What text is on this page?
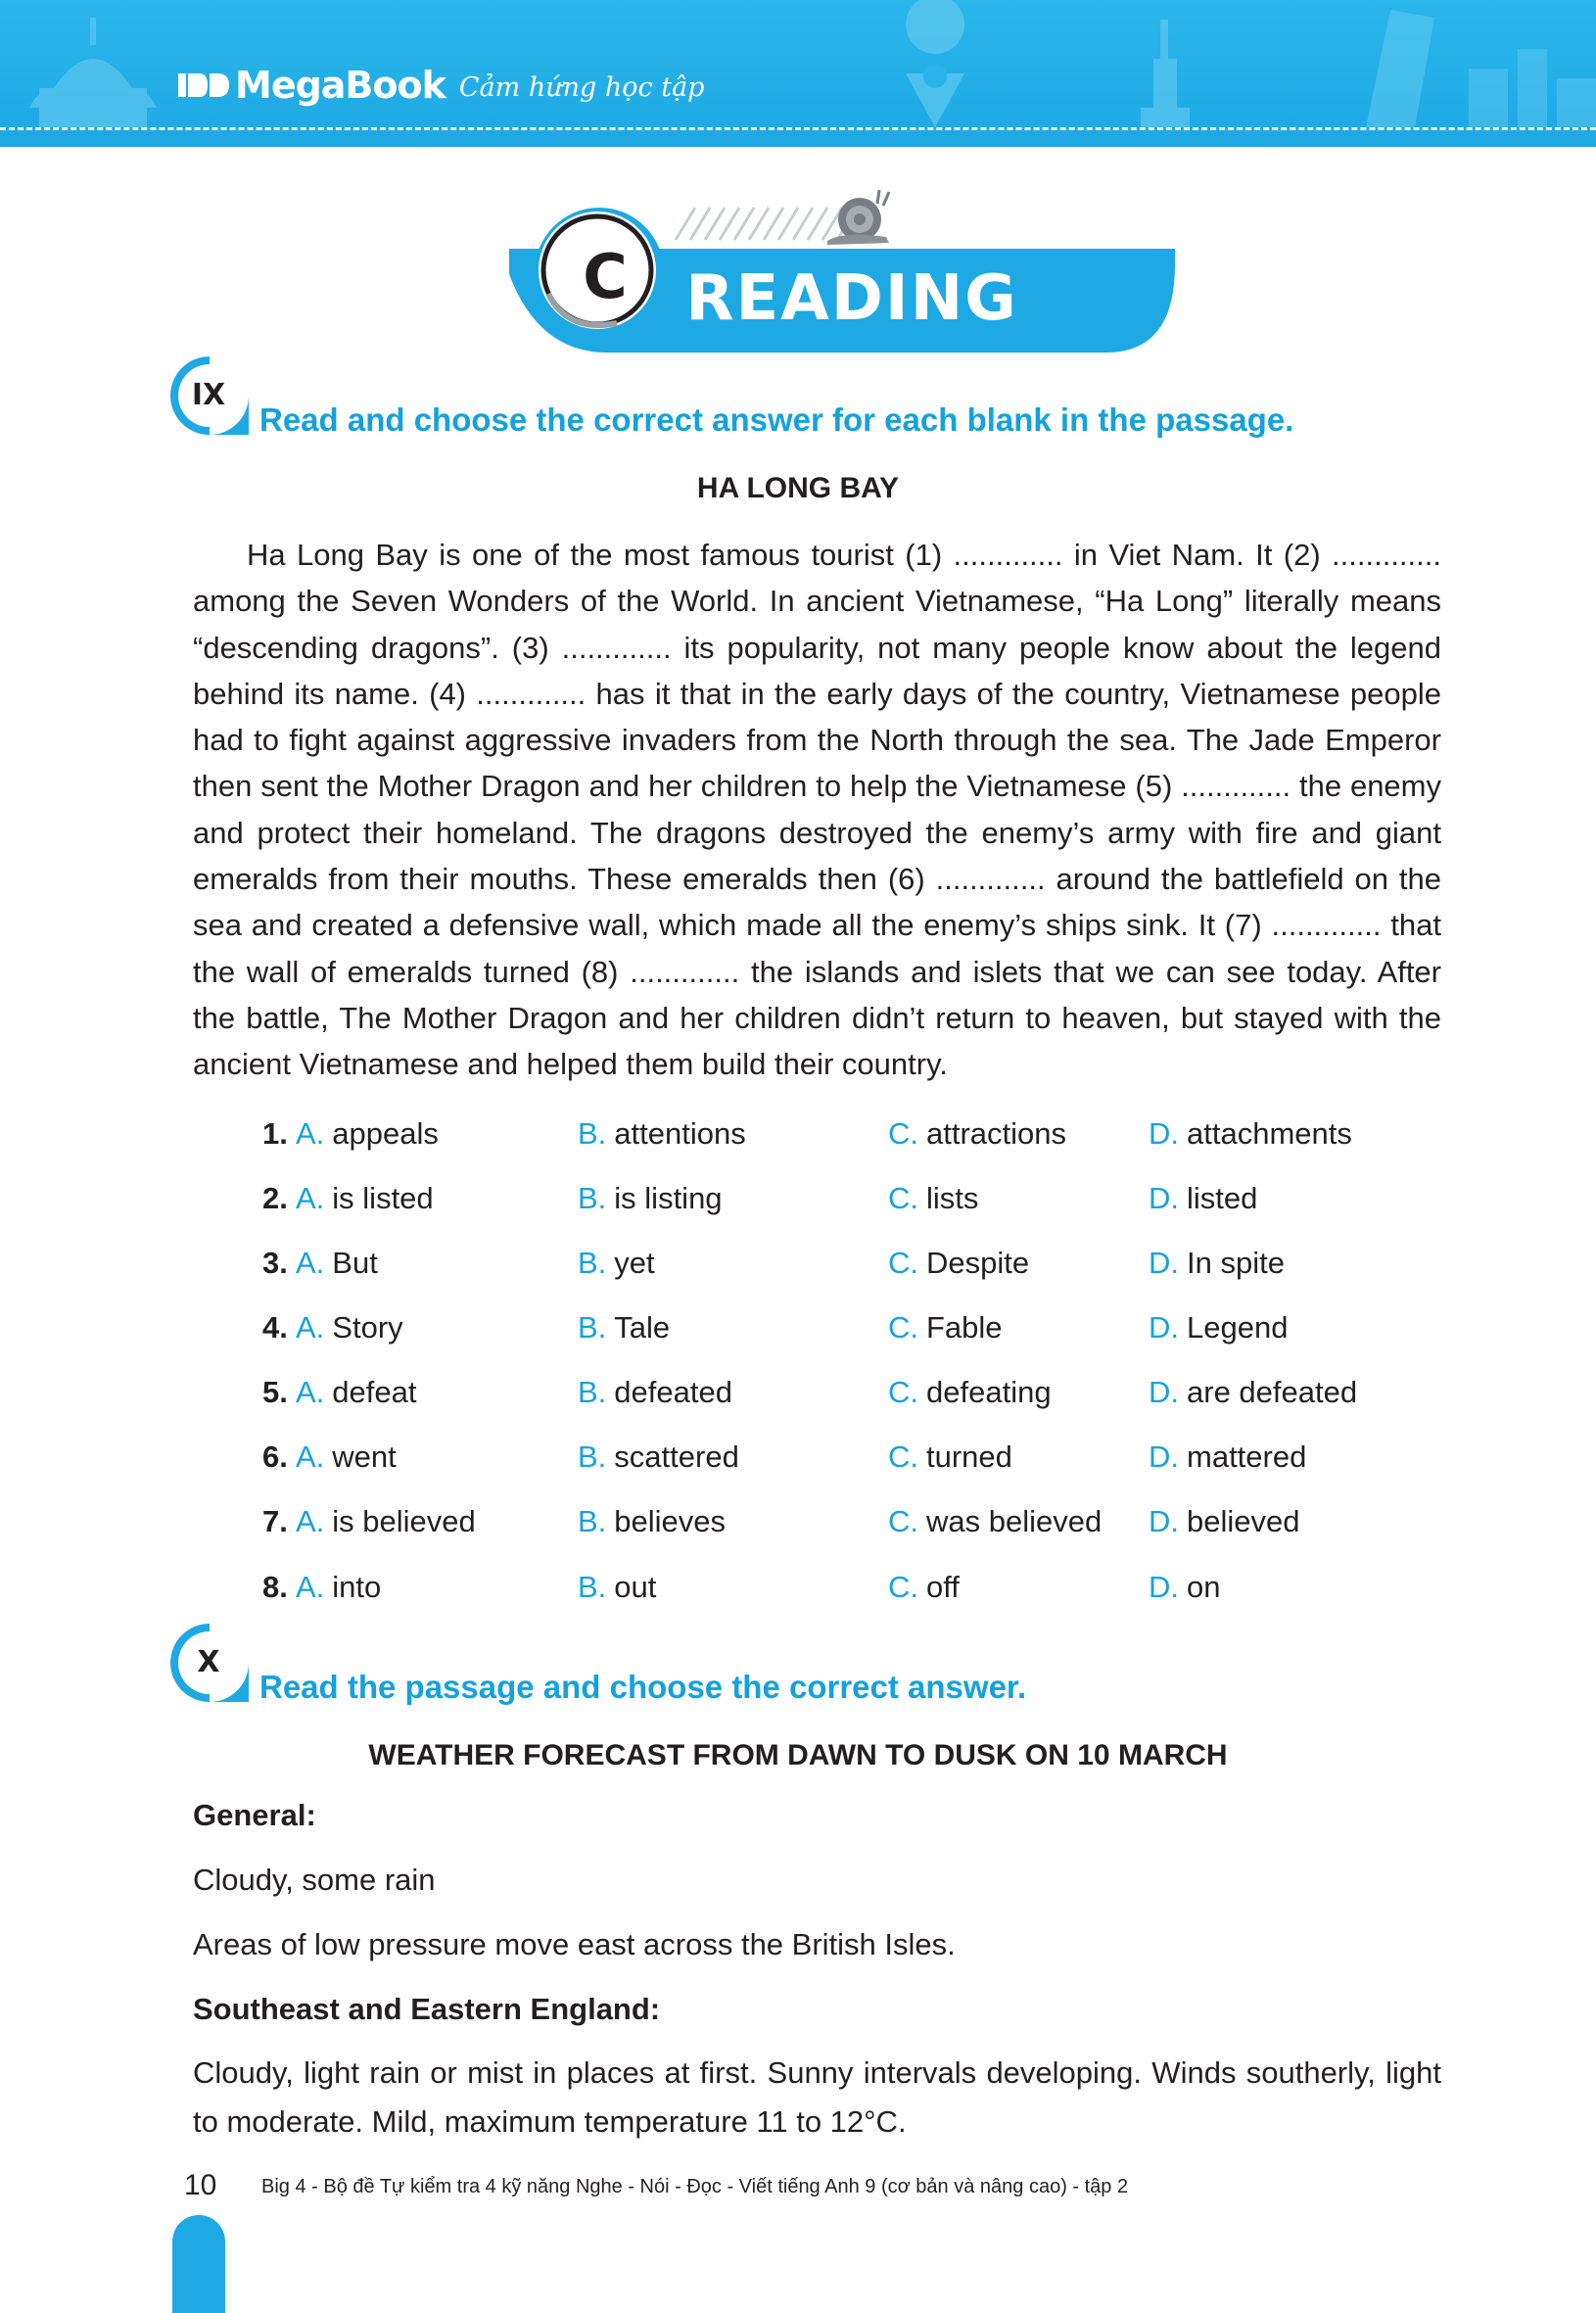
MegaBook Cảm hứng học tập
C READING
IX
Read and choose the correct answer for each blank in the passage.
HA LONG BAY
Ha Long Bay is one of the most famous tourist (1) ............. in Viet Nam. It (2) ............. among the Seven Wonders of the World. In ancient Vietnamese, “Ha Long” literally means “descending dragons”. (3) ............. its popularity, not many people know about the legend behind its name. (4) ............. has it that in the early days of the country, Vietnamese people had to fight against aggressive invaders from the North through the sea. The Jade Emperor then sent the Mother Dragon and her children to help the Vietnamese (5) ............. the enemy and protect their homeland. The dragons destroyed the enemy’s army with fire and giant emeralds from their mouths. These emeralds then (6) ............. around the battlefield on the sea and created a defensive wall, which made all the enemy’s ships sink. It (7) ............. that the wall of emeralds turned (8) ............. the islands and islets that we can see today. After the battle, The Mother Dragon and her children didn’t return to heaven, but stayed with the ancient Vietnamese and helped them build their country.
1. A. appeals	B. attentions	C. attractions	D. attachments
2. A. is listed	B. is listing	C. lists	D. listed
3. A. But	B. yet	C. Despite	D. In spite
4. A. Story	B. Tale	C. Fable	D. Legend
5. A. defeat	B. defeated	C. defeating	D. are defeated
6. A. went	B. scattered	C. turned	D. mattered
7. A. is believed	B. believes	C. was believed D. believed
8. A. into	B. out	C. off	D. on
X
Read the passage and choose the correct answer.
WEATHER FORECAST FROM DAWN TO DUSK ON 10 MARCH
General:
Cloudy, some rain
Areas of low pressure move east across the British Isles.
Southeast and Eastern England:
Cloudy, light rain or mist in places at first. Sunny intervals developing. Winds southerly, light to moderate. Mild, maximum temperature 11 to 12°C.
10 Big 4 - Bộ đề Tự kiểm tra 4 kỹ năng Nghe - Nói - Đọc - Viết tiếng Anh 9 (cơ bản và nâng cao) - tập 2
